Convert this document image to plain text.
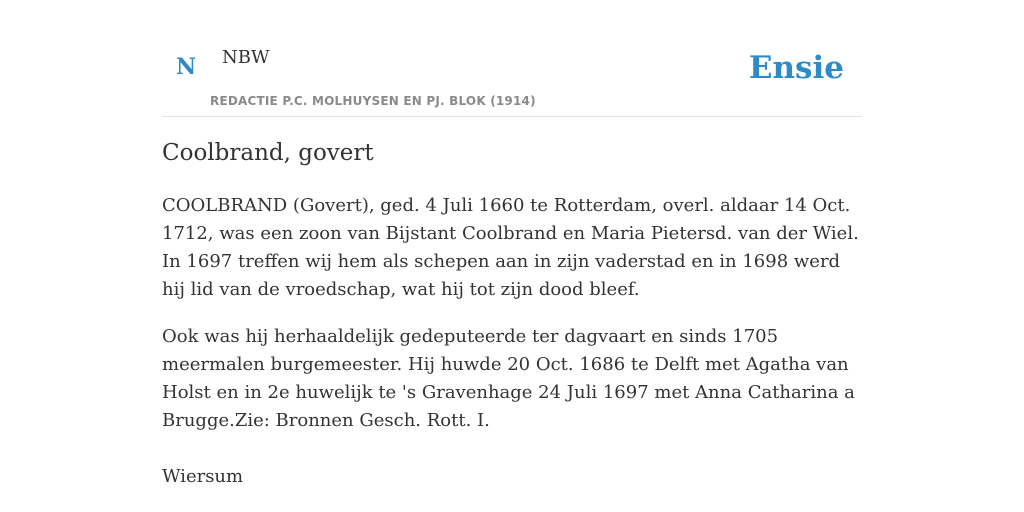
N NBW
REDACTIE P.C. MOLHUYSEN EN PJ. BLOK (1914)
Ensie
Coolbrand, govert

COOLBRAND (Govert), ged. 4 Juli 1660 te Rotterdam, overl. aldaar 14 Oct. 1712, was een zoon van Bijstant Coolbrand en Maria Pietersd. van der Wiel. In 1697 treffen wij hem als schepen aan in zijn vaderstad en in 1698 werd hij lid van de vroedschap, wat hij tot zijn dood bleef.

Ook was hij herhaaldelijk gedeputeerde ter dagvaart en sinds 1705 meermalen burgemeester. Hij huwde 20 Oct. 1686 te Delft met Agatha van Holst en in 2e huwelijk te 's Gravenhage 24 Juli 1697 met Anna Catharina a Brugge.Zie: Bronnen Gesch. Rott. I.

Wiersum
